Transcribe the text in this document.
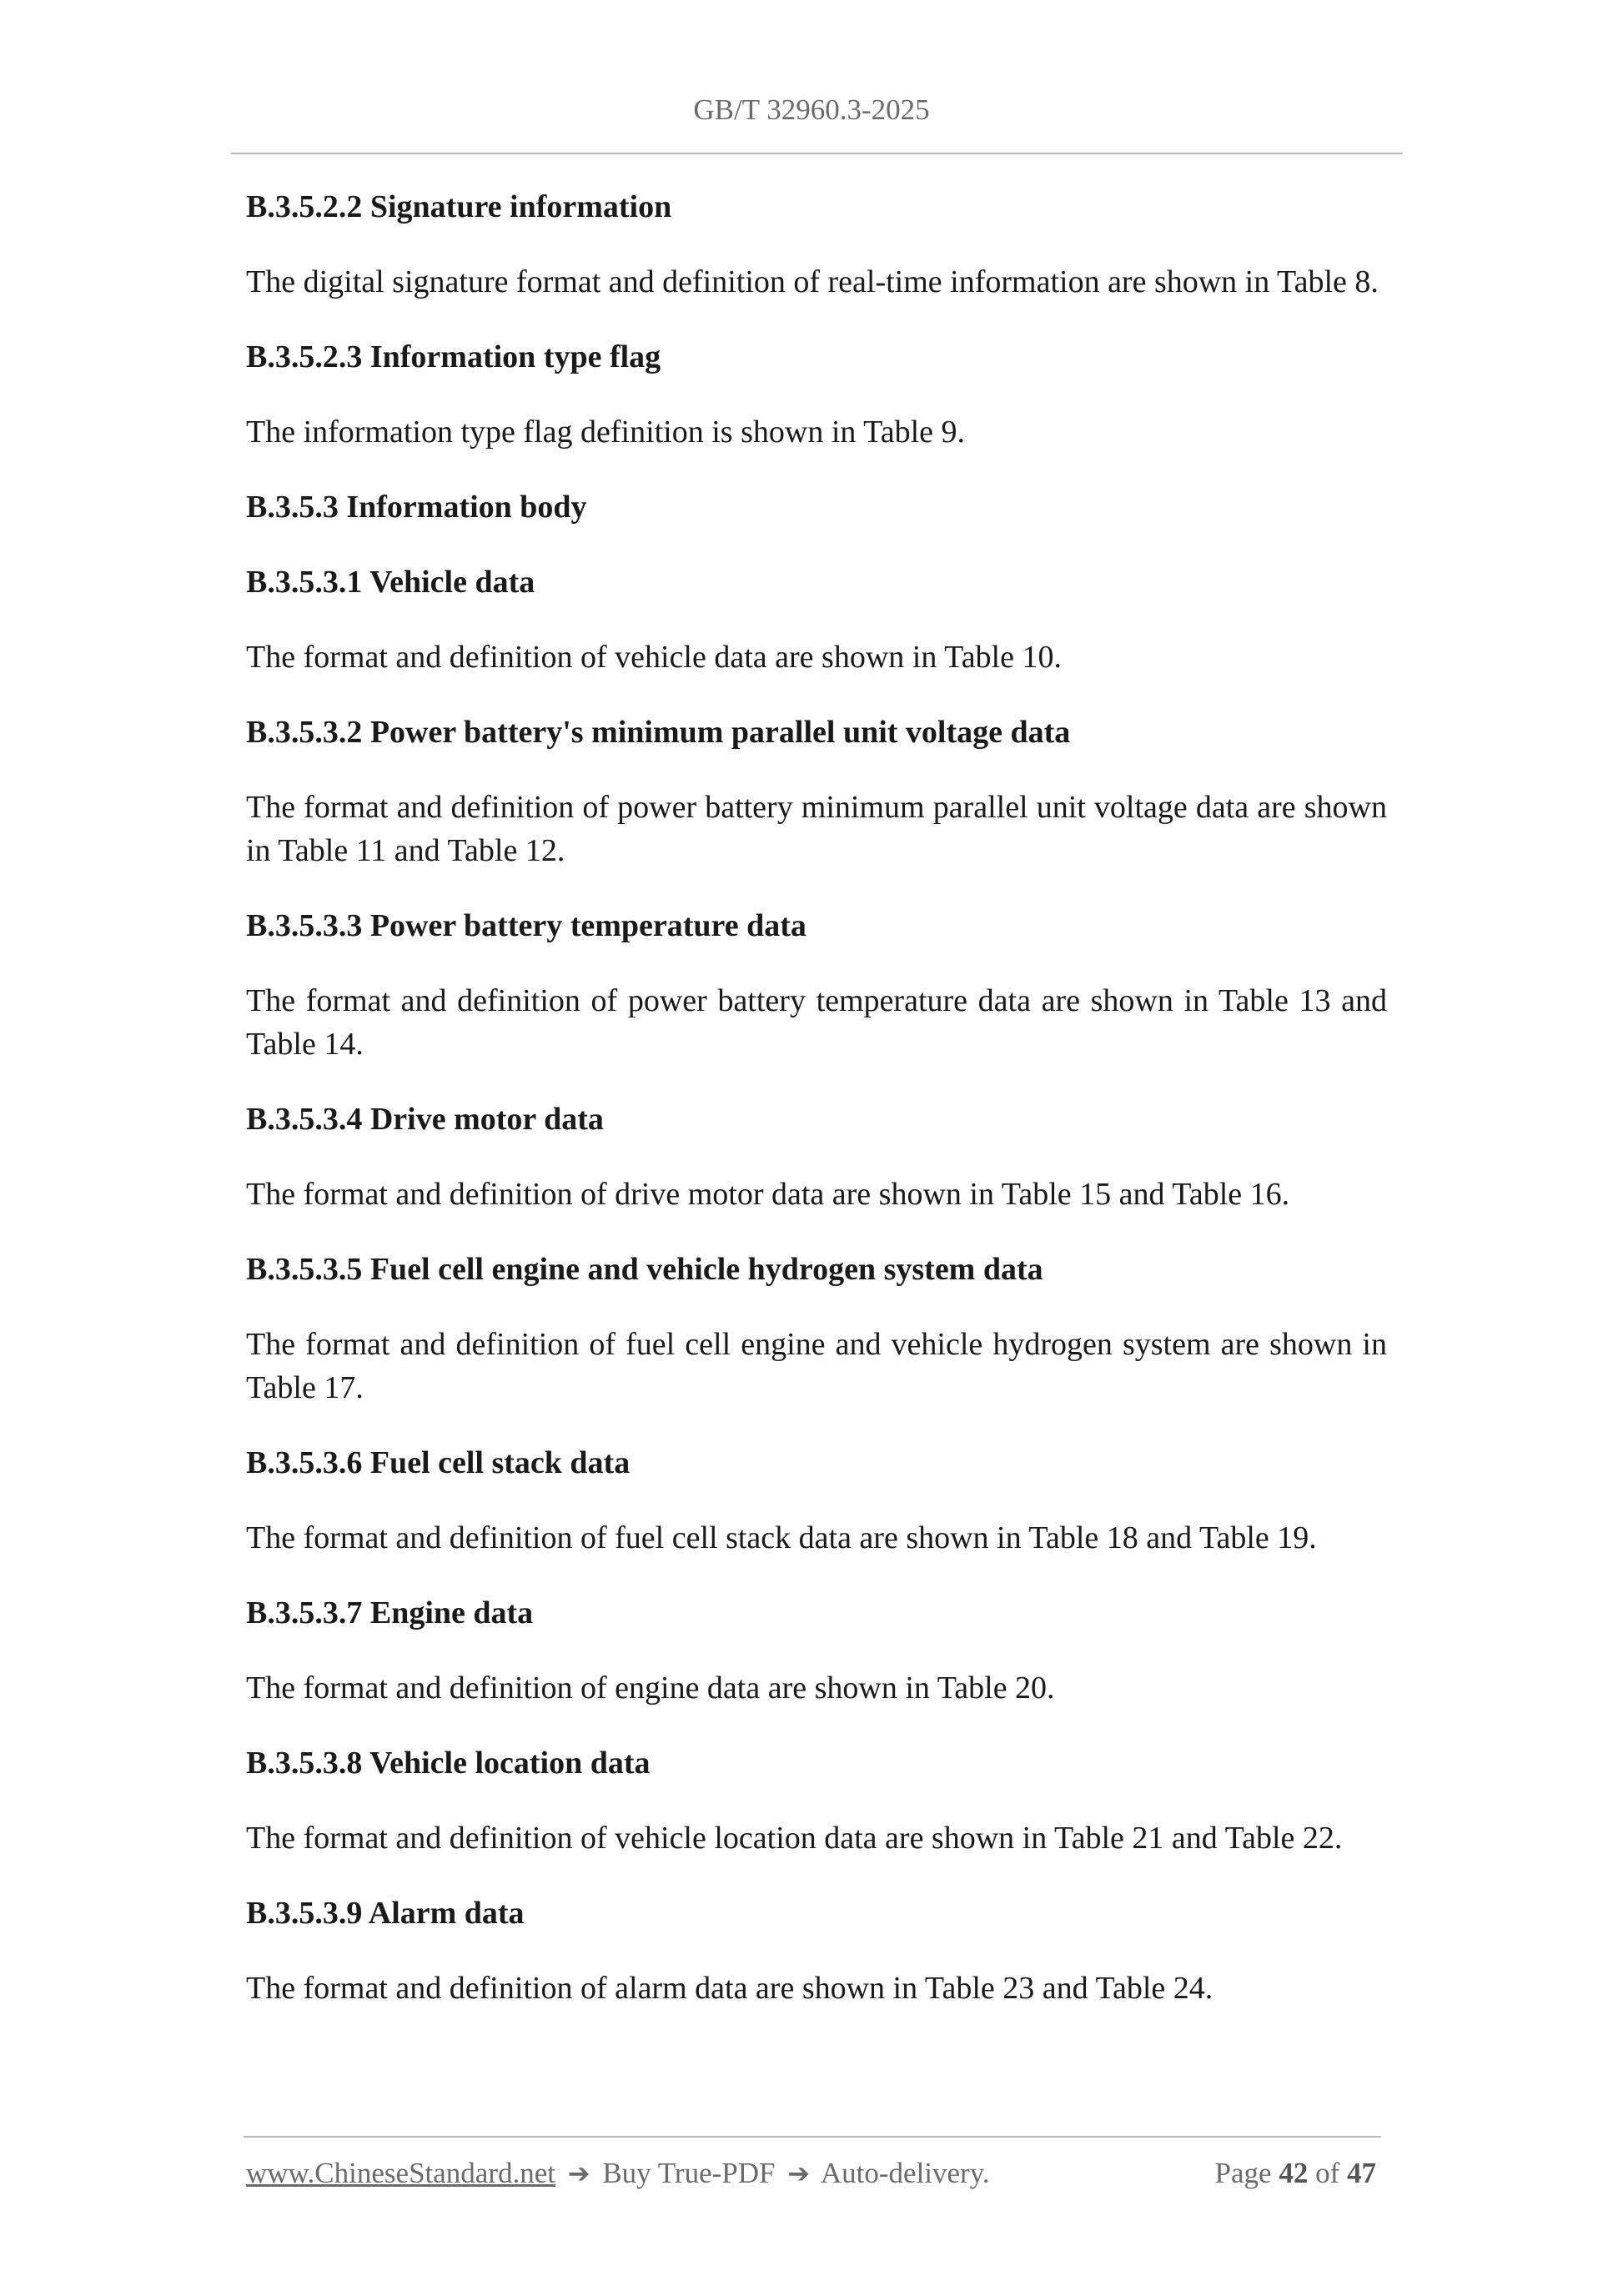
GB/T 32960.3-2025
B.3.5.2.2 Signature information
The digital signature format and definition of real-time information are shown in Table 8.
B.3.5.2.3 Information type flag
The information type flag definition is shown in Table 9.
B.3.5.3 Information body
B.3.5.3.1 Vehicle data
The format and definition of vehicle data are shown in Table 10.
B.3.5.3.2 Power battery's minimum parallel unit voltage data
The format and definition of power battery minimum parallel unit voltage data are shown in Table 11 and Table 12.
B.3.5.3.3 Power battery temperature data
The format and definition of power battery temperature data are shown in Table 13 and Table 14.
B.3.5.3.4 Drive motor data
The format and definition of drive motor data are shown in Table 15 and Table 16.
B.3.5.3.5 Fuel cell engine and vehicle hydrogen system data
The format and definition of fuel cell engine and vehicle hydrogen system are shown in Table 17.
B.3.5.3.6 Fuel cell stack data
The format and definition of fuel cell stack data are shown in Table 18 and Table 19.
B.3.5.3.7 Engine data
The format and definition of engine data are shown in Table 20.
B.3.5.3.8 Vehicle location data
The format and definition of vehicle location data are shown in Table 21 and Table 22.
B.3.5.3.9 Alarm data
The format and definition of alarm data are shown in Table 23 and Table 24.
www.ChineseStandard.net ➔ Buy True-PDF ➔ Auto-delivery.	Page 42 of 47
